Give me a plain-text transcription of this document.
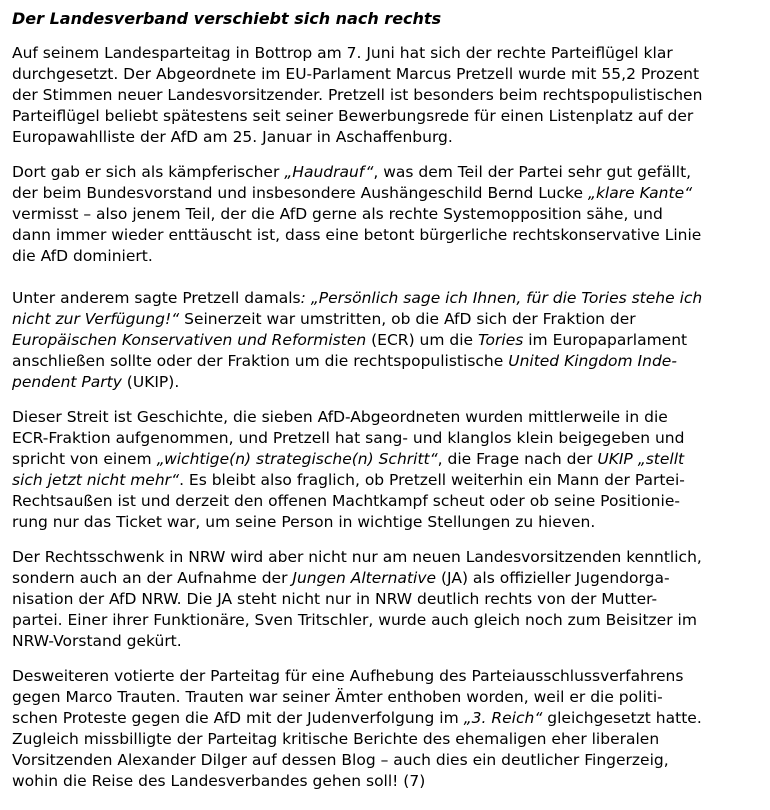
Der Landesverband verschiebt sich nach rechts

Auf seinem Landesparteitag in Bottrop am 7. Juni hat sich der rechte Parteiflügel klar
durchgesetzt. Der Abgeordnete im EU-Parlament Marcus Pretzell wurde mit 55,2 Prozent
der Stimmen neuer Landesvorsitzender. Pretzell ist besonders beim rechtspopulistischen
Parteiflügel beliebt spätestens seit seiner Bewerbungsrede für einen Listenplatz auf der
Europawahlliste der AfD am 25. Januar in Aschaffenburg.

Dort gab er sich als kämpferischer „Haudrauf“, was dem Teil der Partei sehr gut gefällt,
der beim Bundesvorstand und insbesondere Aushängeschild Bernd Lucke „klare Kante“
vermisst – also jenem Teil, der die AfD gerne als rechte Systemopposition sähe, und
dann immer wieder enttäuscht ist, dass eine betont bürgerliche rechtskonservative Linie
die AfD dominiert.

Unter anderem sagte Pretzell damals: „Persönlich sage ich Ihnen, für die Tories stehe ich
nicht zur Verfügung!“ Seinerzeit war umstritten, ob die AfD sich der Fraktion der
Europäischen Konservativen und Reformisten (ECR) um die Tories im Europaparlament
anschließen sollte oder der Fraktion um die rechtspopulistische United Kingdom Inde-
pendent Party (UKIP).

Dieser Streit ist Geschichte, die sieben AfD-Abgeordneten wurden mittlerweile in die
ECR-Fraktion aufgenommen, und Pretzell hat sang- und klanglos klein beigegeben und
spricht von einem „wichtige(n) strategische(n) Schritt“, die Frage nach der UKIP „stellt
sich jetzt nicht mehr“. Es bleibt also fraglich, ob Pretzell weiterhin ein Mann der Partei-
Rechtsaußen ist und derzeit den offenen Machtkampf scheut oder ob seine Positionie-
rung nur das Ticket war, um seine Person in wichtige Stellungen zu hieven.

Der Rechtsschwenk in NRW wird aber nicht nur am neuen Landesvorsitzenden kenntlich,
sondern auch an der Aufnahme der Jungen Alternative (JA) als offizieller Jugendorga-
nisation der AfD NRW. Die JA steht nicht nur in NRW deutlich rechts von der Mutter-
partei. Einer ihrer Funktionäre, Sven Tritschler, wurde auch gleich noch zum Beisitzer im
NRW-Vorstand gekürt.

Desweiteren votierte der Parteitag für eine Aufhebung des Parteiausschlussverfahrens
gegen Marco Trauten. Trauten war seiner Ämter enthoben worden, weil er die politi-
schen Proteste gegen die AfD mit der Judenverfolgung im „3. Reich“ gleichgesetzt hatte.
Zugleich missbilligte der Parteitag kritische Berichte des ehemaligen eher liberalen
Vorsitzenden Alexander Dilger auf dessen Blog – auch dies ein deutlicher Fingerzeig,
wohin die Reise des Landesverbandes gehen soll! (7)
